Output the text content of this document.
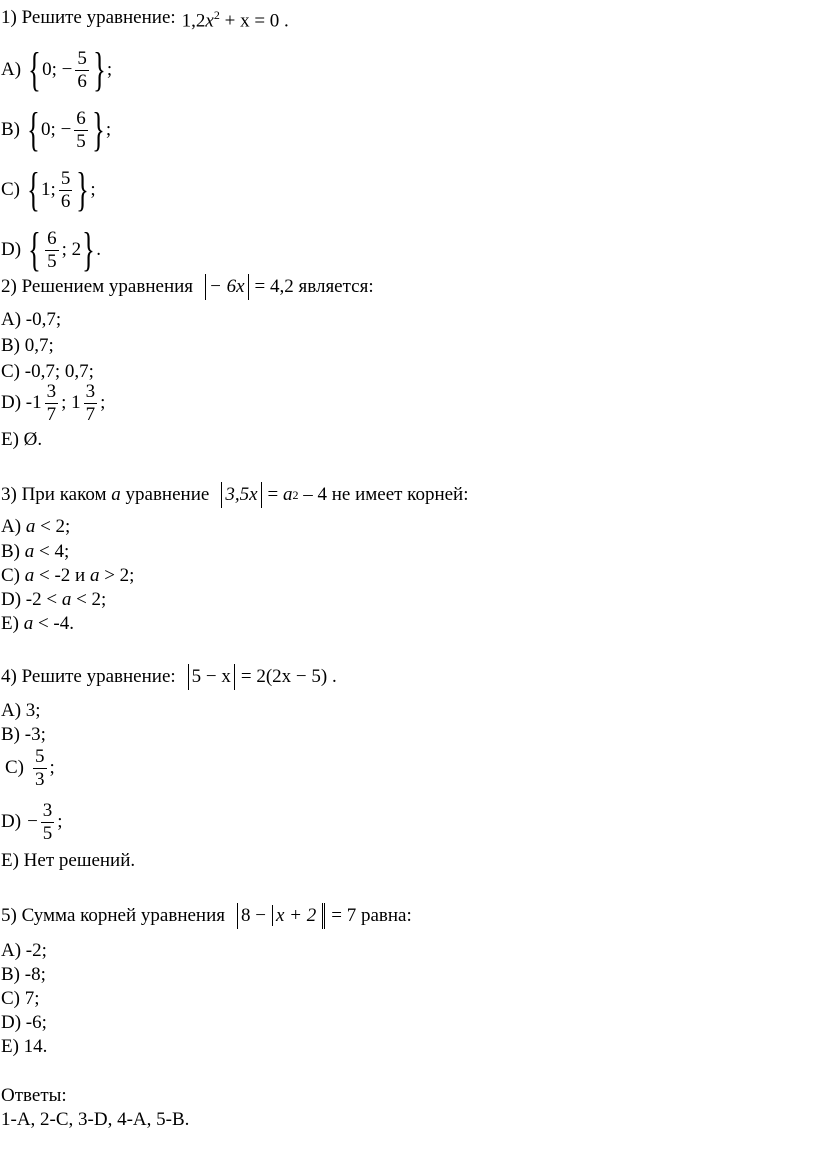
1) Решите уравнение: $1,2x^2 + x = 0$ .
A) { 0;
− $\frac{5}{6}$ } ;
B) { 0;
− $\frac{6}{5}$ } ;
C) { 1; $\frac{5}{6}$ } ;
D) { $\frac{6}{5}$ ; 2 } .
2) Решением уравнения − 6x = 4,2 является:
A) -0,7;
B) 0,7;
C) -0,7; 0,7;
D) $-1 \frac{3}{7}$ ; $1 \frac{3}{7}$ ;
E) Ø.
3) При каком
a
уравнение 3,5x =
a 2
– 4 не имеет корней:
A)
a
< 2;
B)
a
< 4;
C)
a
< -2 и
a
> 2;
D) -2 <
a
< 2;
E)
a
< -4.
4) Решите уравнение: 5 − x = 2(2x − 5) .
A) 3;
B) -3;
$C) \frac{5}{3}$ ;
$D) - \frac{3}{5}$ ;
E) Нет решений.
5) Сумма корней уравнения 8 − x + 2 = 7 равна:
A) -2;
B) -8;
C) 7;
D) -6;
E) 14.
Ответы:
1-A, 2-C, 3-D, 4-A, 5-B.
